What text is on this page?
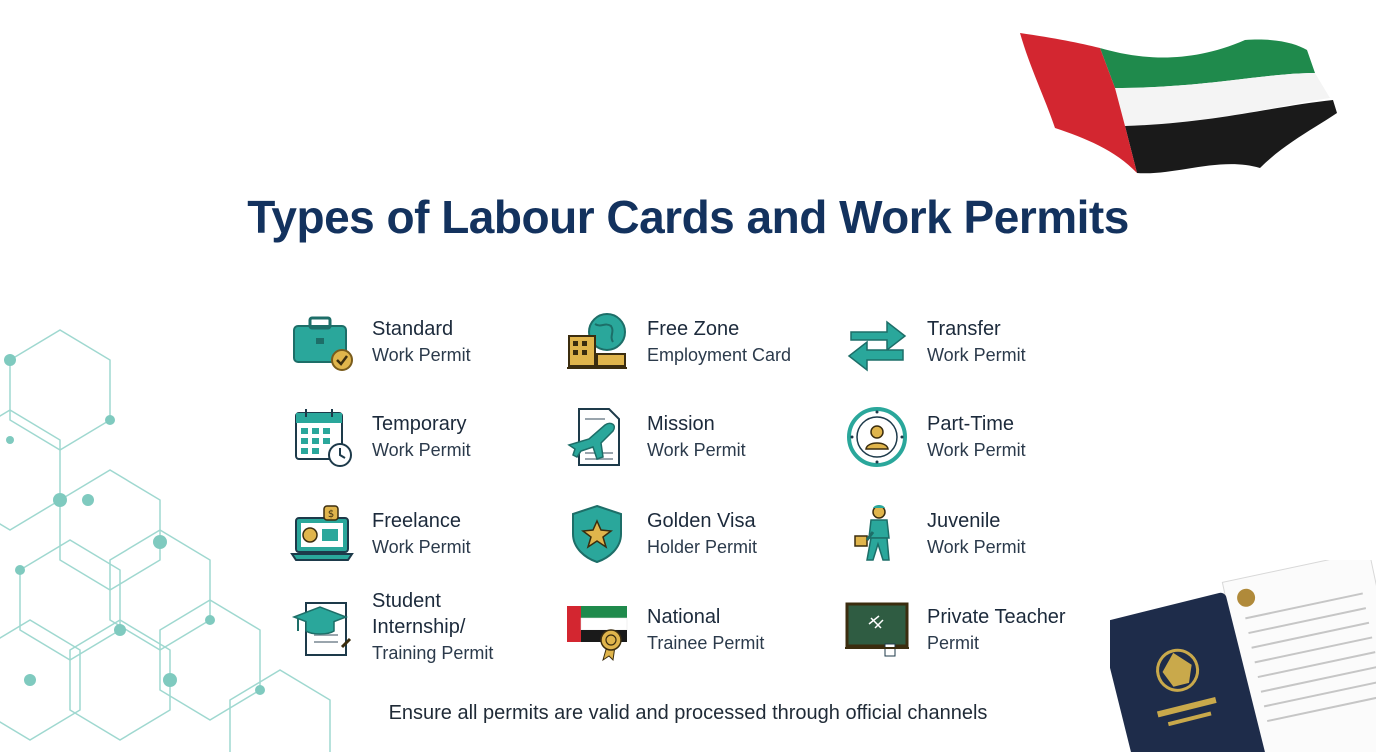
Types of Labour Cards and Work Permits
Standard
Work Permit
Free Zone
Employment Card
Transfer
Work Permit
Temporary
Work Permit
Mission
Work Permit
Part-Time
Work Permit
$ Freelance
Work Permit
Golden Visa
Holder Permit
Juvenile
Work Permit
Student
Internship/
Training Permit
National
Trainee Permit
Private Teacher
Permit
Ensure all permits are valid and processed through official channels
